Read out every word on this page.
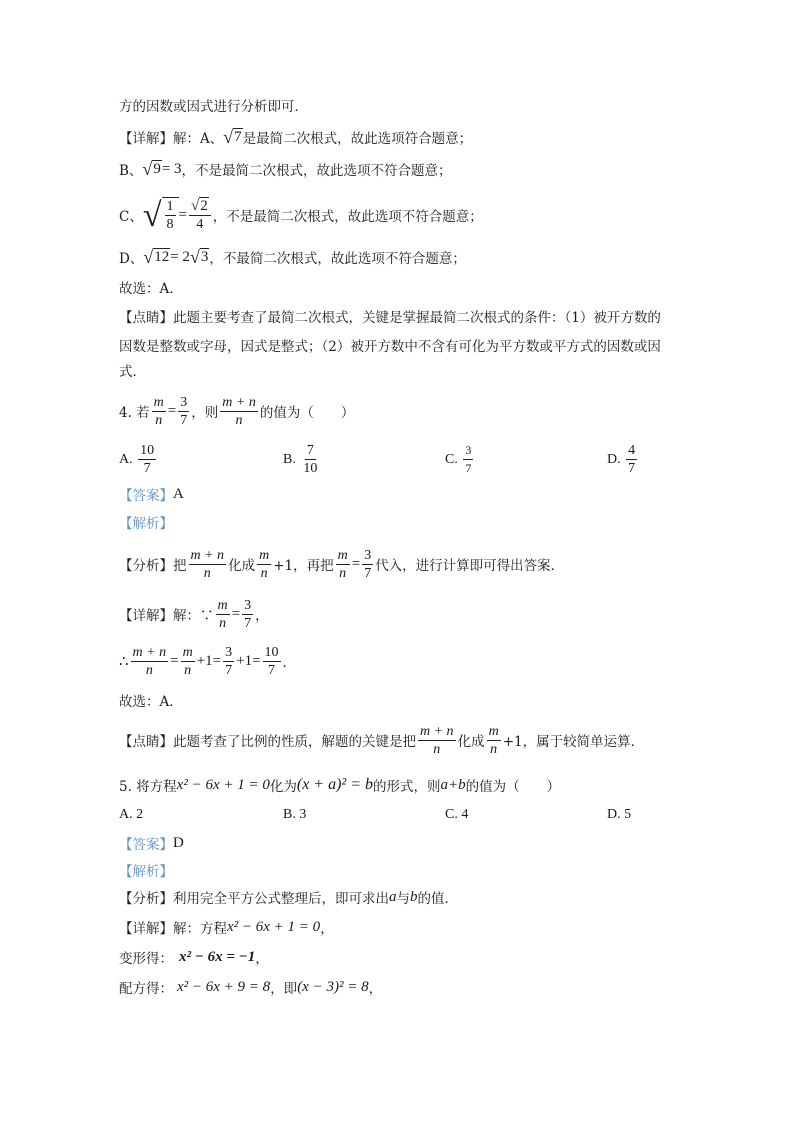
方的因数或因式进行分析即可．
【详解】 解：A、 √ 7 是最简二次根式，故此选项符合题意；
B、 √ 9 = 3 ，不是最简二次根式，故此选项不符合题意；
C、 √ $\frac{1}{8} = \frac{√ 2}{4}$ ，不是最简二次根式，故此选项不符合题意；
D、 √ 12 = 2 √ 3 ，不最简二次根式，故此选项不符合题意；
故选：A．
【点睛】 此题主要考查了最简二次根式，关键是掌握最简二次根式的条件：（1）被开方数的
因数是整数或字母，因式是整式；（2）被开方数中不含有可化为平方数或平方式的因数或因
式．
4. 若 $\frac{m}{n} = \frac{3}{7}$ ，则 $\frac{m + n}{n}$ 的值为（　　）
A.
$\frac{10}{7}$	B.
$\frac{7}{10}$	C.
$\frac{3}{7}$	D.
$\frac{4}{7}$
【答案】 A
【解析】
【分析】 把 $\frac{m + n}{n}$ 化成 $\frac{m}{n} +1$，再把 $\frac{m}{n} = \frac{3}{7}$ 代入，进行计算即可得出答案．
【详解】 解：∵ $\frac{m}{n} = \frac{3}{7}$ ，
∴ $\frac{m + n}{n} = \frac{m}{n} +1= \frac{3}{7} +1= \frac{10}{7}$ ．
故选：A．
【点睛】 此题考查了比例的性质，解题的关键是把 $\frac{m + n}{n}$ 化成 $\frac{m}{n} +1$，属于较简单运算．
5. 将方程 x² − 6x + 1 = 0 化为 (x + a)² = b 的形式，则 a+b 的值为（　　）
A. 2	B. 3	C. 4	D. 5
【答案】 D
【解析】
【分析】 利用完全平方公式整理后，即可求出 a 与 b 的值．
【详解】 解：方程 x² − 6x + 1 = 0 ，
变形得： x² − 6x = −1 ，
配方得： x² − 6x + 9 = 8 ，即 (x − 3)² = 8 ，
